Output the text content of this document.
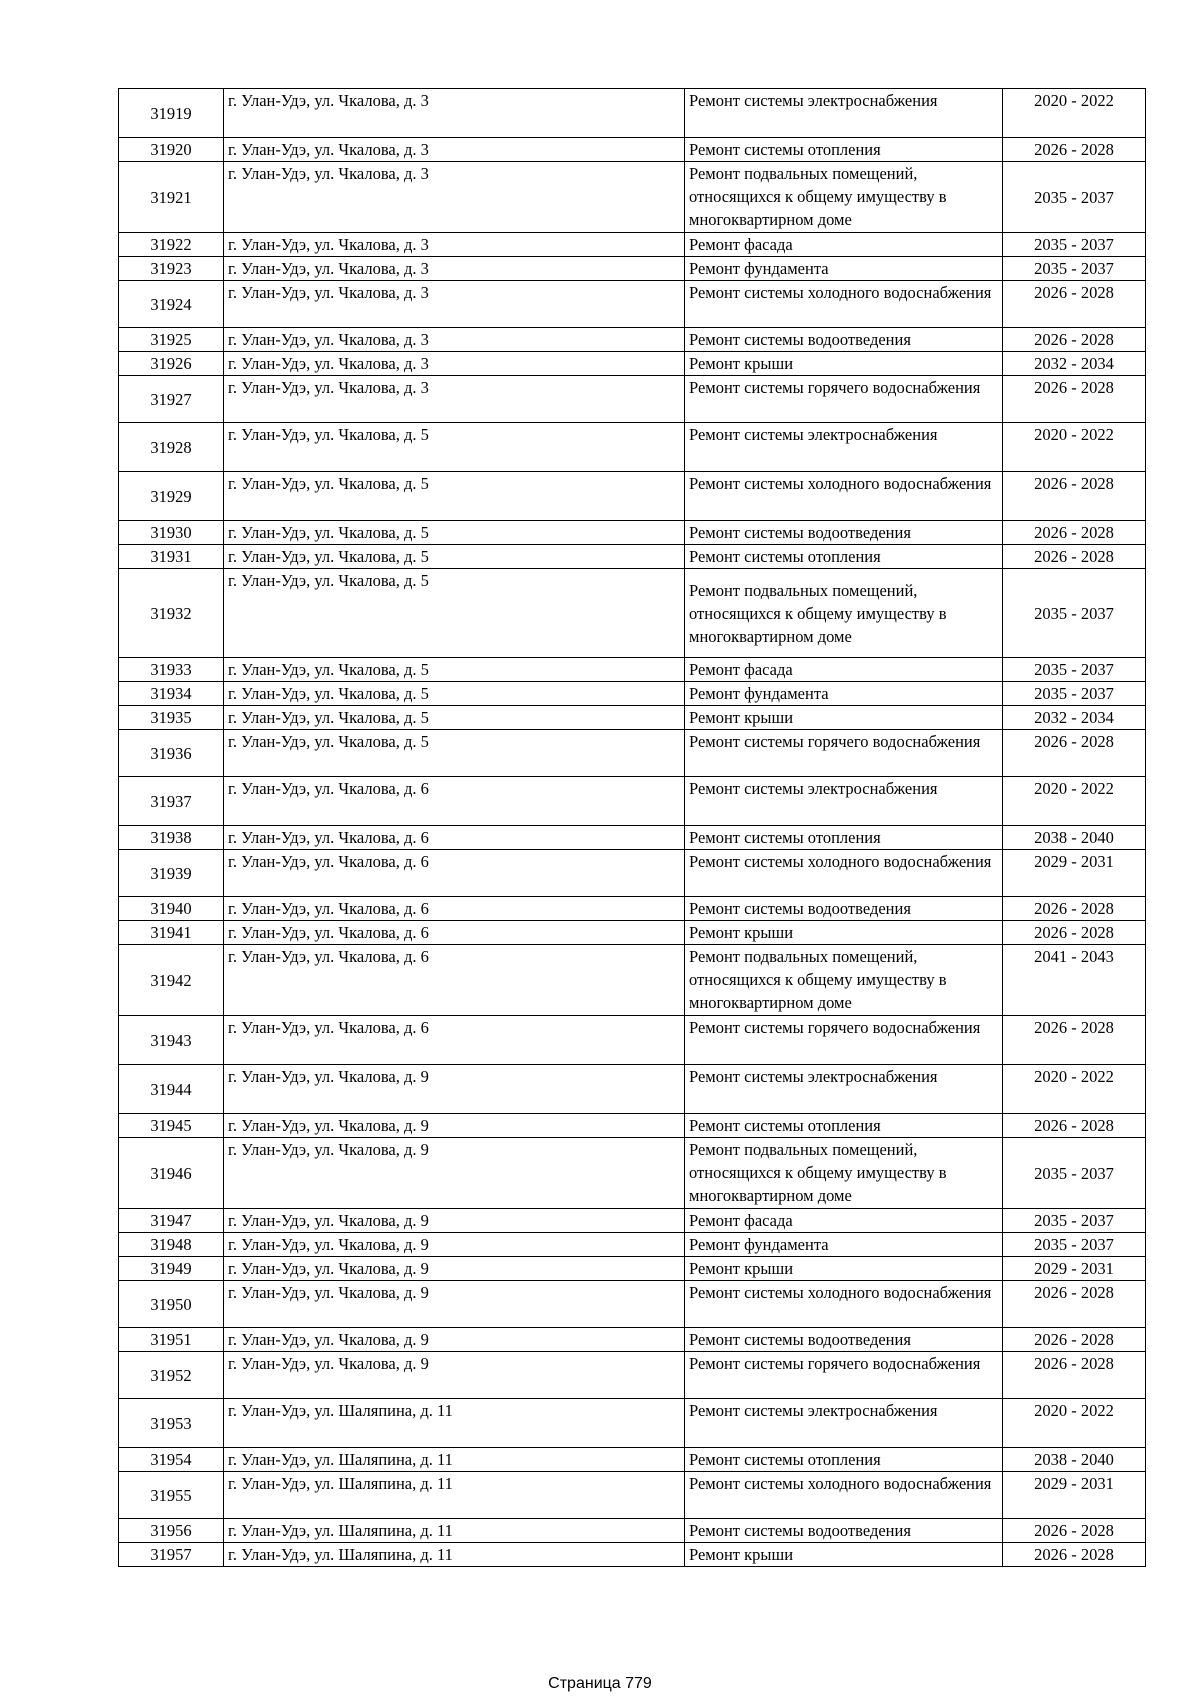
31919	г. Улан-Удэ, ул. Чкалова, д. 3	Ремонт системы электроснабжения	2020 - 2022
31920	г. Улан-Удэ, ул. Чкалова, д. 3	Ремонт системы отопления	2026 - 2028
31921	г. Улан-Удэ, ул. Чкалова, д. 3	Ремонт подвальных помещений, относящихся к общему имуществу в многоквартирном доме	2035 - 2037
31922	г. Улан-Удэ, ул. Чкалова, д. 3	Ремонт фасада	2035 - 2037
31923	г. Улан-Удэ, ул. Чкалова, д. 3	Ремонт фундамента	2035 - 2037
31924	г. Улан-Удэ, ул. Чкалова, д. 3	Ремонт системы холодного водоснабжения	2026 - 2028
31925	г. Улан-Удэ, ул. Чкалова, д. 3	Ремонт системы водоотведения	2026 - 2028
31926	г. Улан-Удэ, ул. Чкалова, д. 3	Ремонт крыши	2032 - 2034
31927	г. Улан-Удэ, ул. Чкалова, д. 3	Ремонт системы горячего водоснабжения	2026 - 2028
31928	г. Улан-Удэ, ул. Чкалова, д. 5	Ремонт системы электроснабжения	2020 - 2022
31929	г. Улан-Удэ, ул. Чкалова, д. 5	Ремонт системы холодного водоснабжения	2026 - 2028
31930	г. Улан-Удэ, ул. Чкалова, д. 5	Ремонт системы водоотведения	2026 - 2028
31931	г. Улан-Удэ, ул. Чкалова, д. 5	Ремонт системы отопления	2026 - 2028
31932	г. Улан-Удэ, ул. Чкалова, д. 5	Ремонт подвальных помещений, относящихся к общему имуществу в многоквартирном доме	2035 - 2037
31933	г. Улан-Удэ, ул. Чкалова, д. 5	Ремонт фасада	2035 - 2037
31934	г. Улан-Удэ, ул. Чкалова, д. 5	Ремонт фундамента	2035 - 2037
31935	г. Улан-Удэ, ул. Чкалова, д. 5	Ремонт крыши	2032 - 2034
31936	г. Улан-Удэ, ул. Чкалова, д. 5	Ремонт системы горячего водоснабжения	2026 - 2028
31937	г. Улан-Удэ, ул. Чкалова, д. 6	Ремонт системы электроснабжения	2020 - 2022
31938	г. Улан-Удэ, ул. Чкалова, д. 6	Ремонт системы отопления	2038 - 2040
31939	г. Улан-Удэ, ул. Чкалова, д. 6	Ремонт системы холодного водоснабжения	2029 - 2031
31940	г. Улан-Удэ, ул. Чкалова, д. 6	Ремонт системы водоотведения	2026 - 2028
31941	г. Улан-Удэ, ул. Чкалова, д. 6	Ремонт крыши	2026 - 2028
31942	г. Улан-Удэ, ул. Чкалова, д. 6	Ремонт подвальных помещений, относящихся к общему имуществу в многоквартирном доме	2041 - 2043
31943	г. Улан-Удэ, ул. Чкалова, д. 6	Ремонт системы горячего водоснабжения	2026 - 2028
31944	г. Улан-Удэ, ул. Чкалова, д. 9	Ремонт системы электроснабжения	2020 - 2022
31945	г. Улан-Удэ, ул. Чкалова, д. 9	Ремонт системы отопления	2026 - 2028
31946	г. Улан-Удэ, ул. Чкалова, д. 9	Ремонт подвальных помещений, относящихся к общему имуществу в многоквартирном доме	2035 - 2037
31947	г. Улан-Удэ, ул. Чкалова, д. 9	Ремонт фасада	2035 - 2037
31948	г. Улан-Удэ, ул. Чкалова, д. 9	Ремонт фундамента	2035 - 2037
31949	г. Улан-Удэ, ул. Чкалова, д. 9	Ремонт крыши	2029 - 2031
31950	г. Улан-Удэ, ул. Чкалова, д. 9	Ремонт системы холодного водоснабжения	2026 - 2028
31951	г. Улан-Удэ, ул. Чкалова, д. 9	Ремонт системы водоотведения	2026 - 2028
31952	г. Улан-Удэ, ул. Чкалова, д. 9	Ремонт системы горячего водоснабжения	2026 - 2028
31953	г. Улан-Удэ, ул. Шаляпина, д. 11	Ремонт системы электроснабжения	2020 - 2022
31954	г. Улан-Удэ, ул. Шаляпина, д. 11	Ремонт системы отопления	2038 - 2040
31955	г. Улан-Удэ, ул. Шаляпина, д. 11	Ремонт системы холодного водоснабжения	2029 - 2031
31956	г. Улан-Удэ, ул. Шаляпина, д. 11	Ремонт системы водоотведения	2026 - 2028
31957	г. Улан-Удэ, ул. Шаляпина, д. 11	Ремонт крыши	2026 - 2028
Страница 779
